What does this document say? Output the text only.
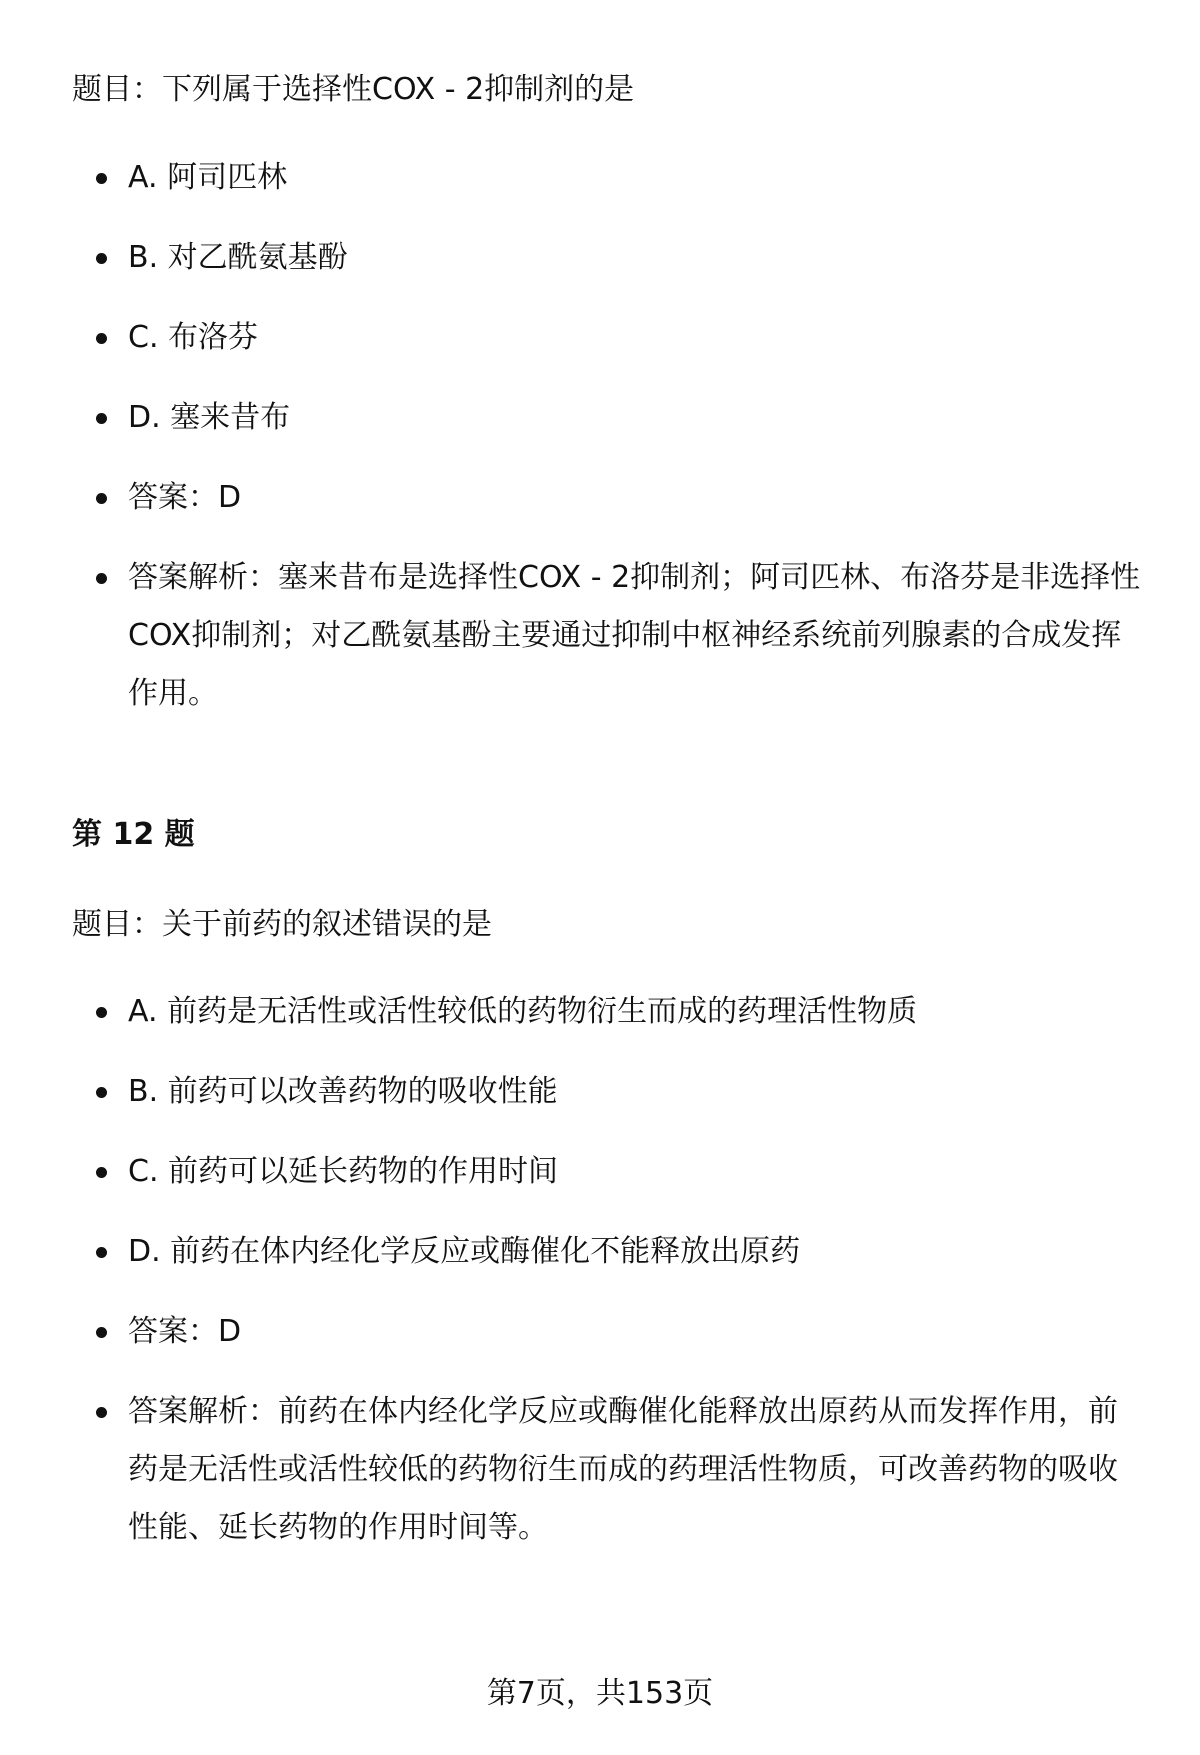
题目：下列属于选择性COX - 2抑制剂的是
A. 阿司匹林
B. 对乙酰氨基酚
C. 布洛芬
D. 塞来昔布
答案：D
答案解析：塞来昔布是选择性COX - 2抑制剂；阿司匹林、布洛芬是非选择性COX抑制剂；对乙酰氨基酚主要通过抑制中枢神经系统前列腺素的合成发挥作用。
第 12 题
题目：关于前药的叙述错误的是
A. 前药是无活性或活性较低的药物衍生而成的药理活性物质
B. 前药可以改善药物的吸收性能
C. 前药可以延长药物的作用时间
D. 前药在体内经化学反应或酶催化不能释放出原药
答案：D
答案解析：前药在体内经化学反应或酶催化能释放出原药从而发挥作用，前药是无活性或活性较低的药物衍生而成的药理活性物质，可改善药物的吸收性能、延长药物的作用时间等。
第7页，共153页
